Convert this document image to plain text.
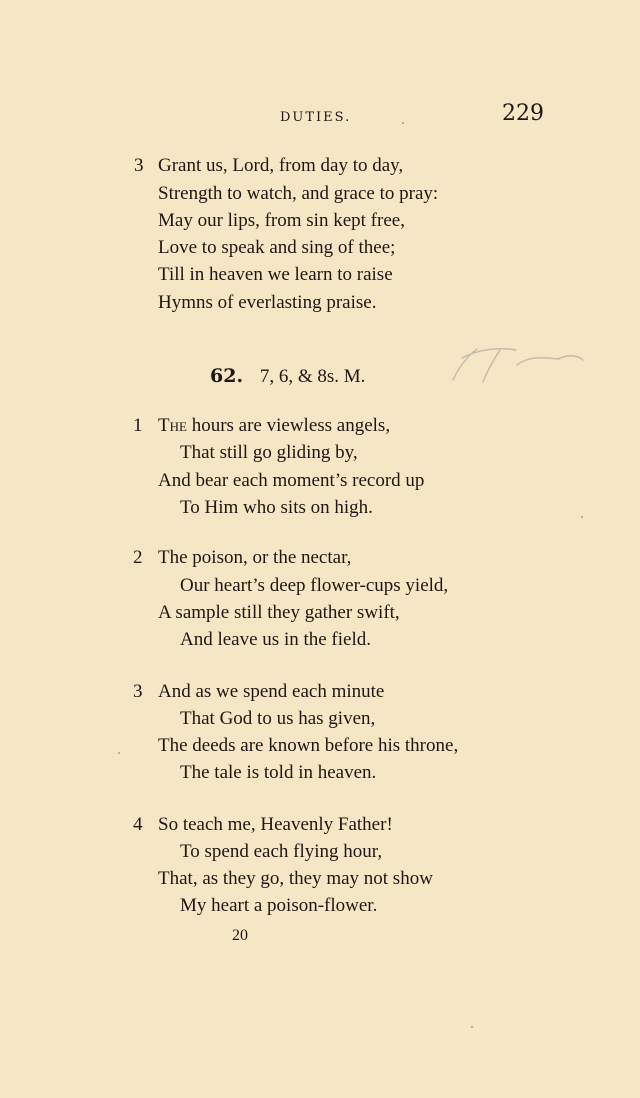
DUTIES.	229
3 Grant us, Lord, from day to day,
Strength to watch, and grace to pray:
May our lips, from sin kept free,
Love to speak and sing of thee;
Till in heaven we learn to raise
Hymns of everlasting praise.
62. 7, 6, & 8s. M.
1 The hours are viewless angels,
That still go gliding by,
And bear each moment’s record up
To Him who sits on high.
2 The poison, or the nectar,
Our heart’s deep flower-cups yield,
A sample still they gather swift,
And leave us in the field.
3 And as we spend each minute
That God to us has given,
The deeds are known before his throne,
The tale is told in heaven.
4 So teach me, Heavenly Father!
To spend each flying hour,
That, as they go, they may not show
My heart a poison-flower.
20
